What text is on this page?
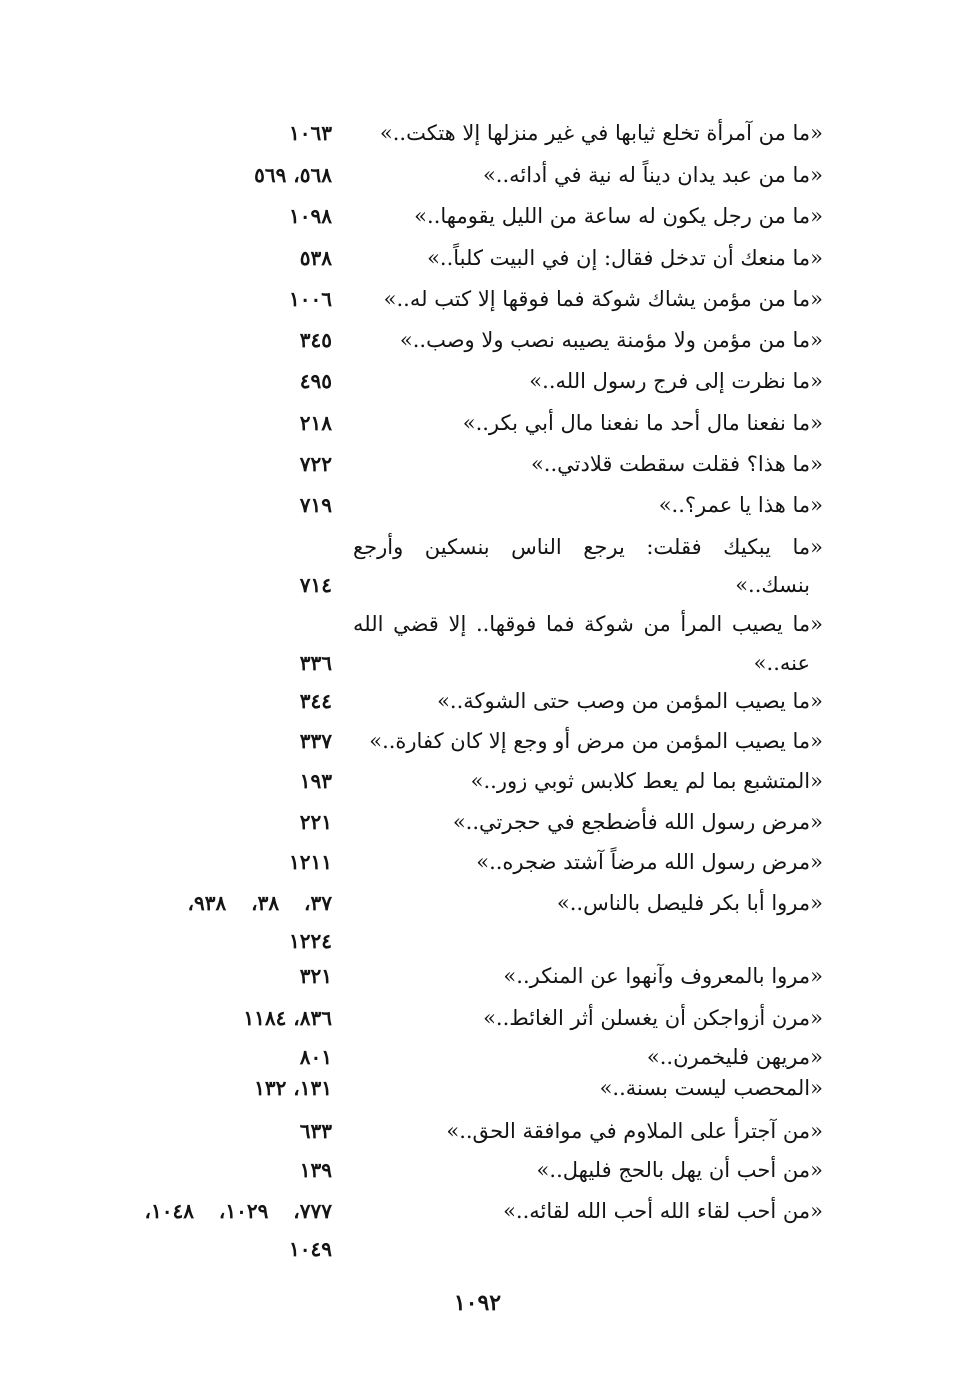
«ما من آمرأة تخلع ثيابها في غير منزلها إلا هتكت..»
١٠٦٣
«ما من عبد يدان ديناً له نية في أدائه..»
٥٦٨، ٥٦٩
«ما من رجل يكون له ساعة من الليل يقومها..»
١٠٩٨
«ما منعك أن تدخل فقال: إن في البيت كلباً..»
٥٣٨
«ما من مؤمن يشاك شوكة فما فوقها إلا كتب له..»
١٠٠٦
«ما من مؤمن ولا مؤمنة يصيبه نصب ولا وصب..»
٣٤٥
«ما نظرت إلى فرج رسول الله..»
٤٩٥
«ما نفعنا مال أحد ما نفعنا مال أبي بكر..»
٢١٨
«ما هذا؟ فقلت سقطت قلادتي..»
٧٢٢
«ما هذا يا عمر؟..»
٧١٩
«ما يبكيك فقلت: يرجع الناس بنسكين وأرجع
بنسك..»
٧١٤
«ما يصيب المرأ من شوكة فما فوقها.. إلا قضي الله
عنه..»
٣٣٦
«ما يصيب المؤمن من وصب حتى الشوكة..»
٣٤٤
«ما يصيب المؤمن من مرض أو وجع إلا كان كفارة..»
٣٣٧
«المتشبع بما لم يعط كلابس ثوبي زور..»
١٩٣
«مرض رسول الله فأضطجع في حجرتي..»
٢٢١
«مرض رسول الله مرضاً آشتد ضجره..»
١٢١١
«مروا أبا بكر فليصل بالناس..»
٣٧، ٣٨، ٩٣٨،
١٢٢٤
«مروا بالمعروف وآنهوا عن المنكر..»
٣٢١
«مرن أزواجكن أن يغسلن أثر الغائط..»
٨٣٦، ١١٨٤
«مريهن فليخمرن..»
٨٠١
«المحصب ليست بسنة..»
١٣١، ١٣٢
«من آجترأ على الملاوم في موافقة الحق..»
٦٣٣
«من أحب أن يهل بالحج فليهل..»
١٣٩
«من أحب لقاء الله أحب الله لقائه..»
٧٧٧، ١٠٢٩، ١٠٤٨،
١٠٤٩
١٠٩٢
